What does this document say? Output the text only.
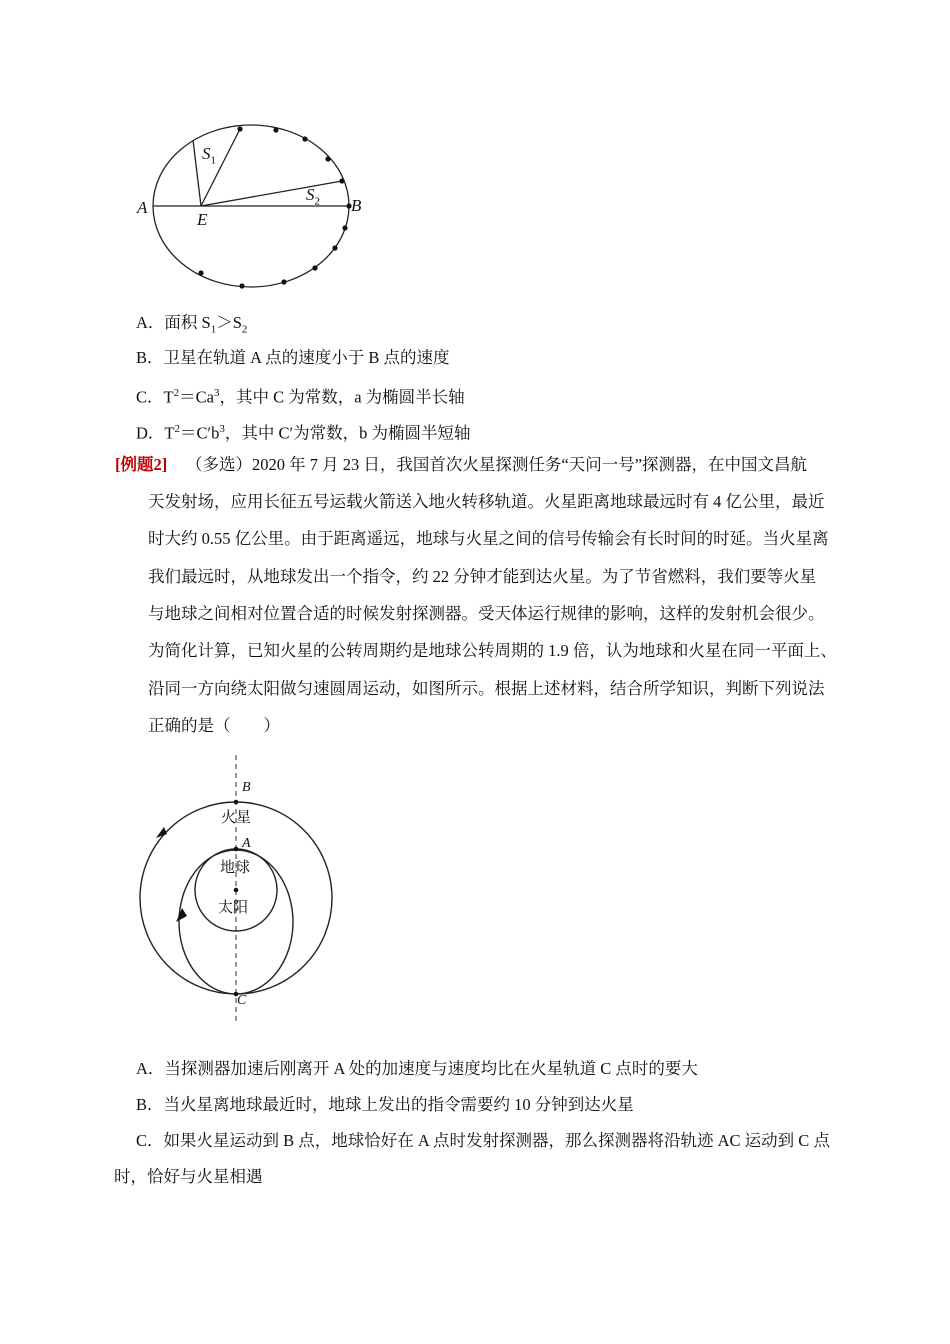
A	B
E
$S_1$
$S_2$
A．面积 $S_1>S_2$
B．卫星在轨道 A 点的速度小于 B 点的速度
C．$T^2=Ca^3$，其中 C 为常数，a 为椭圆半长轴
D．$T^2=C'b^3$，其中 C′为常数，b 为椭圆半短轴
[例题2] （多选）2020 年 7 月 23 日，我国首次火星探测任务“天问一号”探测器，在中国文昌航
天发射场，应用长征五号运载火箭送入地火转移轨道。火星距离地球最远时有 4 亿公里，最近
时大约 0.55 亿公里。由于距离遥远，地球与火星之间的信号传输会有长时间的时延。当火星离
我们最远时，从地球发出一个指令，约 22 分钟才能到达火星。为了节省燃料，我们要等火星
与地球之间相对位置合适的时候发射探测器。受天体运行规律的影响，这样的发射机会很少。
为简化计算，已知火星的公转周期约是地球公转周期的 1.9 倍，认为地球和火星在同一平面上、
沿同一方向绕太阳做匀速圆周运动，如图所示。根据上述材料，结合所学知识，判断下列说法
正确的是（　　）
B
A
C
火星
地球
太阳
A．当探测器加速后刚离开 A 处的加速度与速度均比在火星轨道 C 点时的要大
B．当火星离地球最近时，地球上发出的指令需要约 10 分钟到达火星
C．如果火星运动到 B 点，地球恰好在 A 点时发射探测器，那么探测器将沿轨迹 AC 运动到 C 点
时，恰好与火星相遇
